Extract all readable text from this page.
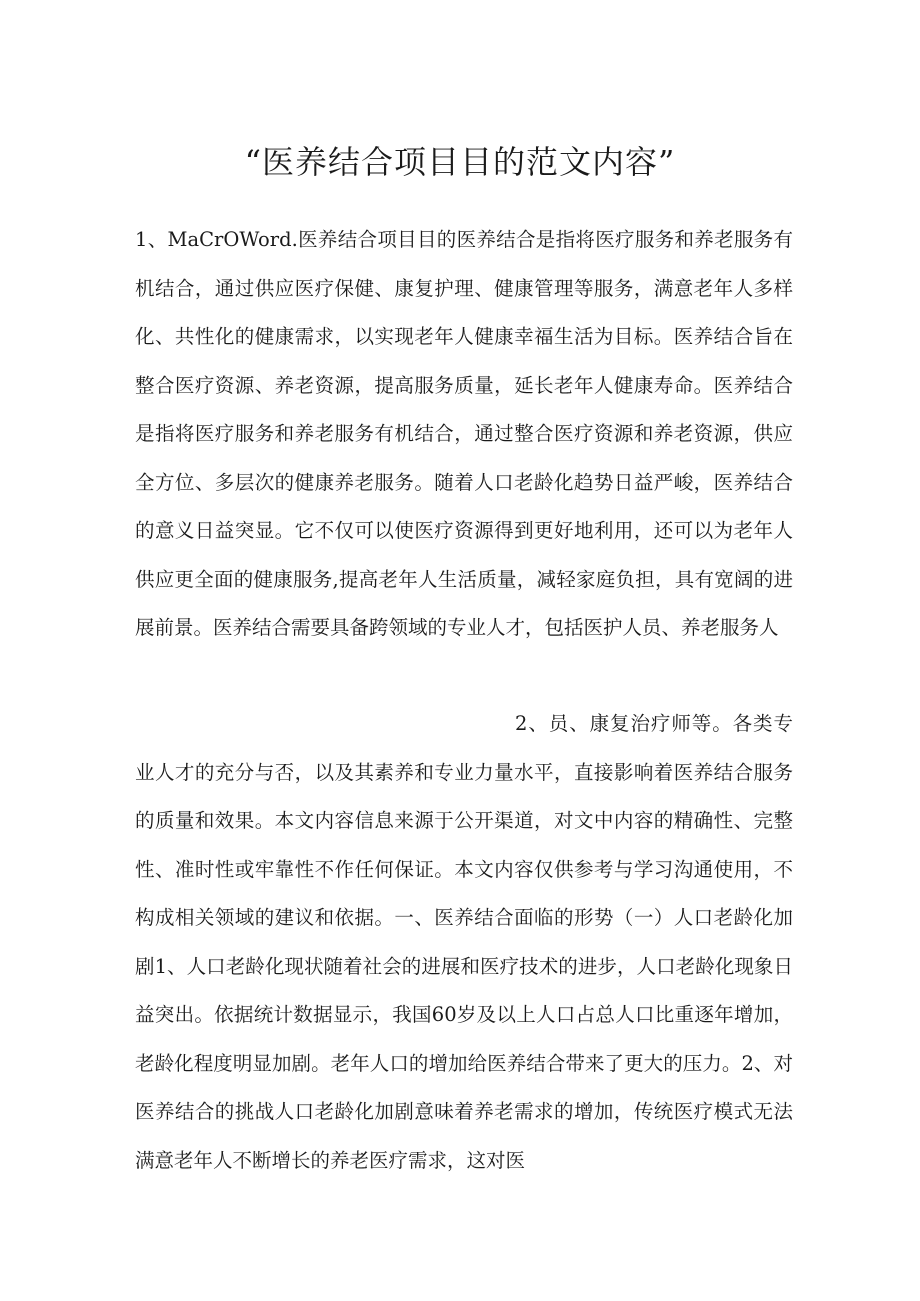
“医养结合项目目的范文内容”

1、MaCrOWord.医养结合项目目的医养结合是指将医疗服务和养老服务有机结合，通过供应医疗保健、康复护理、健康管理等服务，满意老年人多样化、共性化的健康需求，以实现老年人健康幸福生活为目标。医养结合旨在整合医疗资源、养老资源，提高服务质量，延长老年人健康寿命。医养结合是指将医疗服务和养老服务有机结合，通过整合医疗资源和养老资源，供应全方位、多层次的健康养老服务。随着人口老龄化趋势日益严峻，医养结合的意义日益突显。它不仅可以使医疗资源得到更好地利用，还可以为老年人供应更全面的健康服务,提高老年人生活质量，减轻家庭负担，具有宽阔的进展前景。医养结合需要具备跨领域的专业人才，包括医护人员、养老服务人

2、员、康复治疗师等。各类专业人才的充分与否，以及其素养和专业力量水平，直接影响着医养结合服务的质量和效果。本文内容信息来源于公开渠道，对文中内容的精确性、完整性、准时性或牢靠性不作任何保证。本文内容仅供参考与学习沟通使用，不构成相关领域的建议和依据。一、医养结合面临的形势（一）人口老龄化加剧1、人口老龄化现状随着社会的进展和医疗技术的进步，人口老龄化现象日益突出。依据统计数据显示，我国60岁及以上人口占总人口比重逐年增加，老龄化程度明显加剧。老年人口的增加给医养结合带来了更大的压力。2、对医养结合的挑战人口老龄化加剧意味着养老需求的增加，传统医疗模式无法满意老年人不断增长的养老医疗需求，这对医
